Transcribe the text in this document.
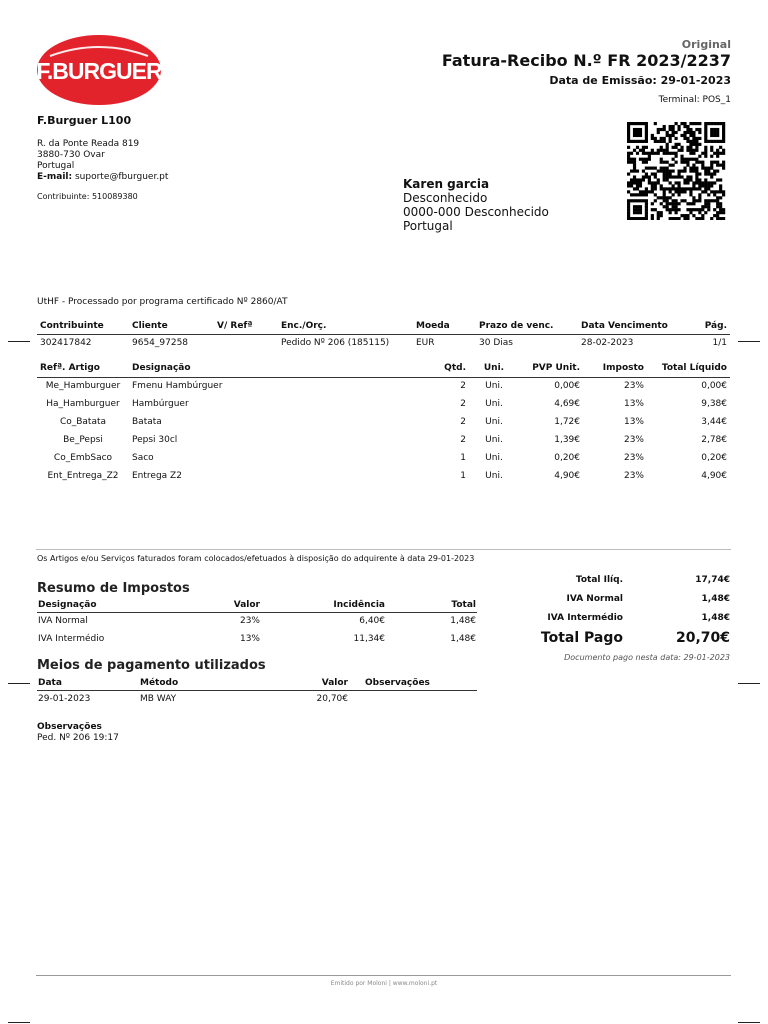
F.BURGUER
Original
Fatura-Recibo N.º FR 2023/2237
Data de Emissão: 29-01-2023
Terminal: POS_1
F.Burguer L100
R. da Ponte Reada 819
3880-730 Ovar
Portugal
E-mail: suporte@fburguer.pt
Contribuinte: 510089380
Karen garcia
Desconhecido
0000-000 Desconhecido
Portugal
UtHF - Processado por programa certificado Nº 2860/AT
Contribuinte	Cliente	V/ Refª	Enc./Orç.	Moeda	Prazo de venc.	Data Vencimento	Pág.
302417842	9654_97258		Pedido Nº 206 (185115)	EUR	30 Dias	28-02-2023	1/1
Refª. Artigo	Designação	Qtd.	Uni.	PVP Unit.	Imposto	Total Líquido
Me_Hamburguer	Fmenu Hambúrguer	2	Uni.	0,00€	23%	0,00€
Ha_Hamburguer	Hambúrguer	2	Uni.	4,69€	13%	9,38€
Co_Batata	Batata	2	Uni.	1,72€	13%	3,44€
Be_Pepsi	Pepsi 30cl	2	Uni.	1,39€	23%	2,78€
Co_EmbSaco	Saco	1	Uni.	0,20€	23%	0,20€
Ent_Entrega_Z2	Entrega Z2	1	Uni.	4,90€	23%	4,90€
Os Artigos e/ou Serviços faturados foram colocados/efetuados à disposição do adquirente à data 29-01-2023
Resumo de Impostos
Designação	Valor	Incidência	Total
IVA Normal	23%	6,40€	1,48€
IVA Intermédio	13%	11,34€	1,48€
Meios de pagamento utilizados
Data	Método	Valor	Observações
29-01-2023	MB WAY	20,70€	
Total Ilíq.	17,74€
IVA Normal	1,48€
IVA Intermédio	1,48€
Total Pago	20,70€
Documento pago nesta data: 29-01-2023
Observações
Ped. Nº 206 19:17
Emitido por Moloni | www.moloni.pt
